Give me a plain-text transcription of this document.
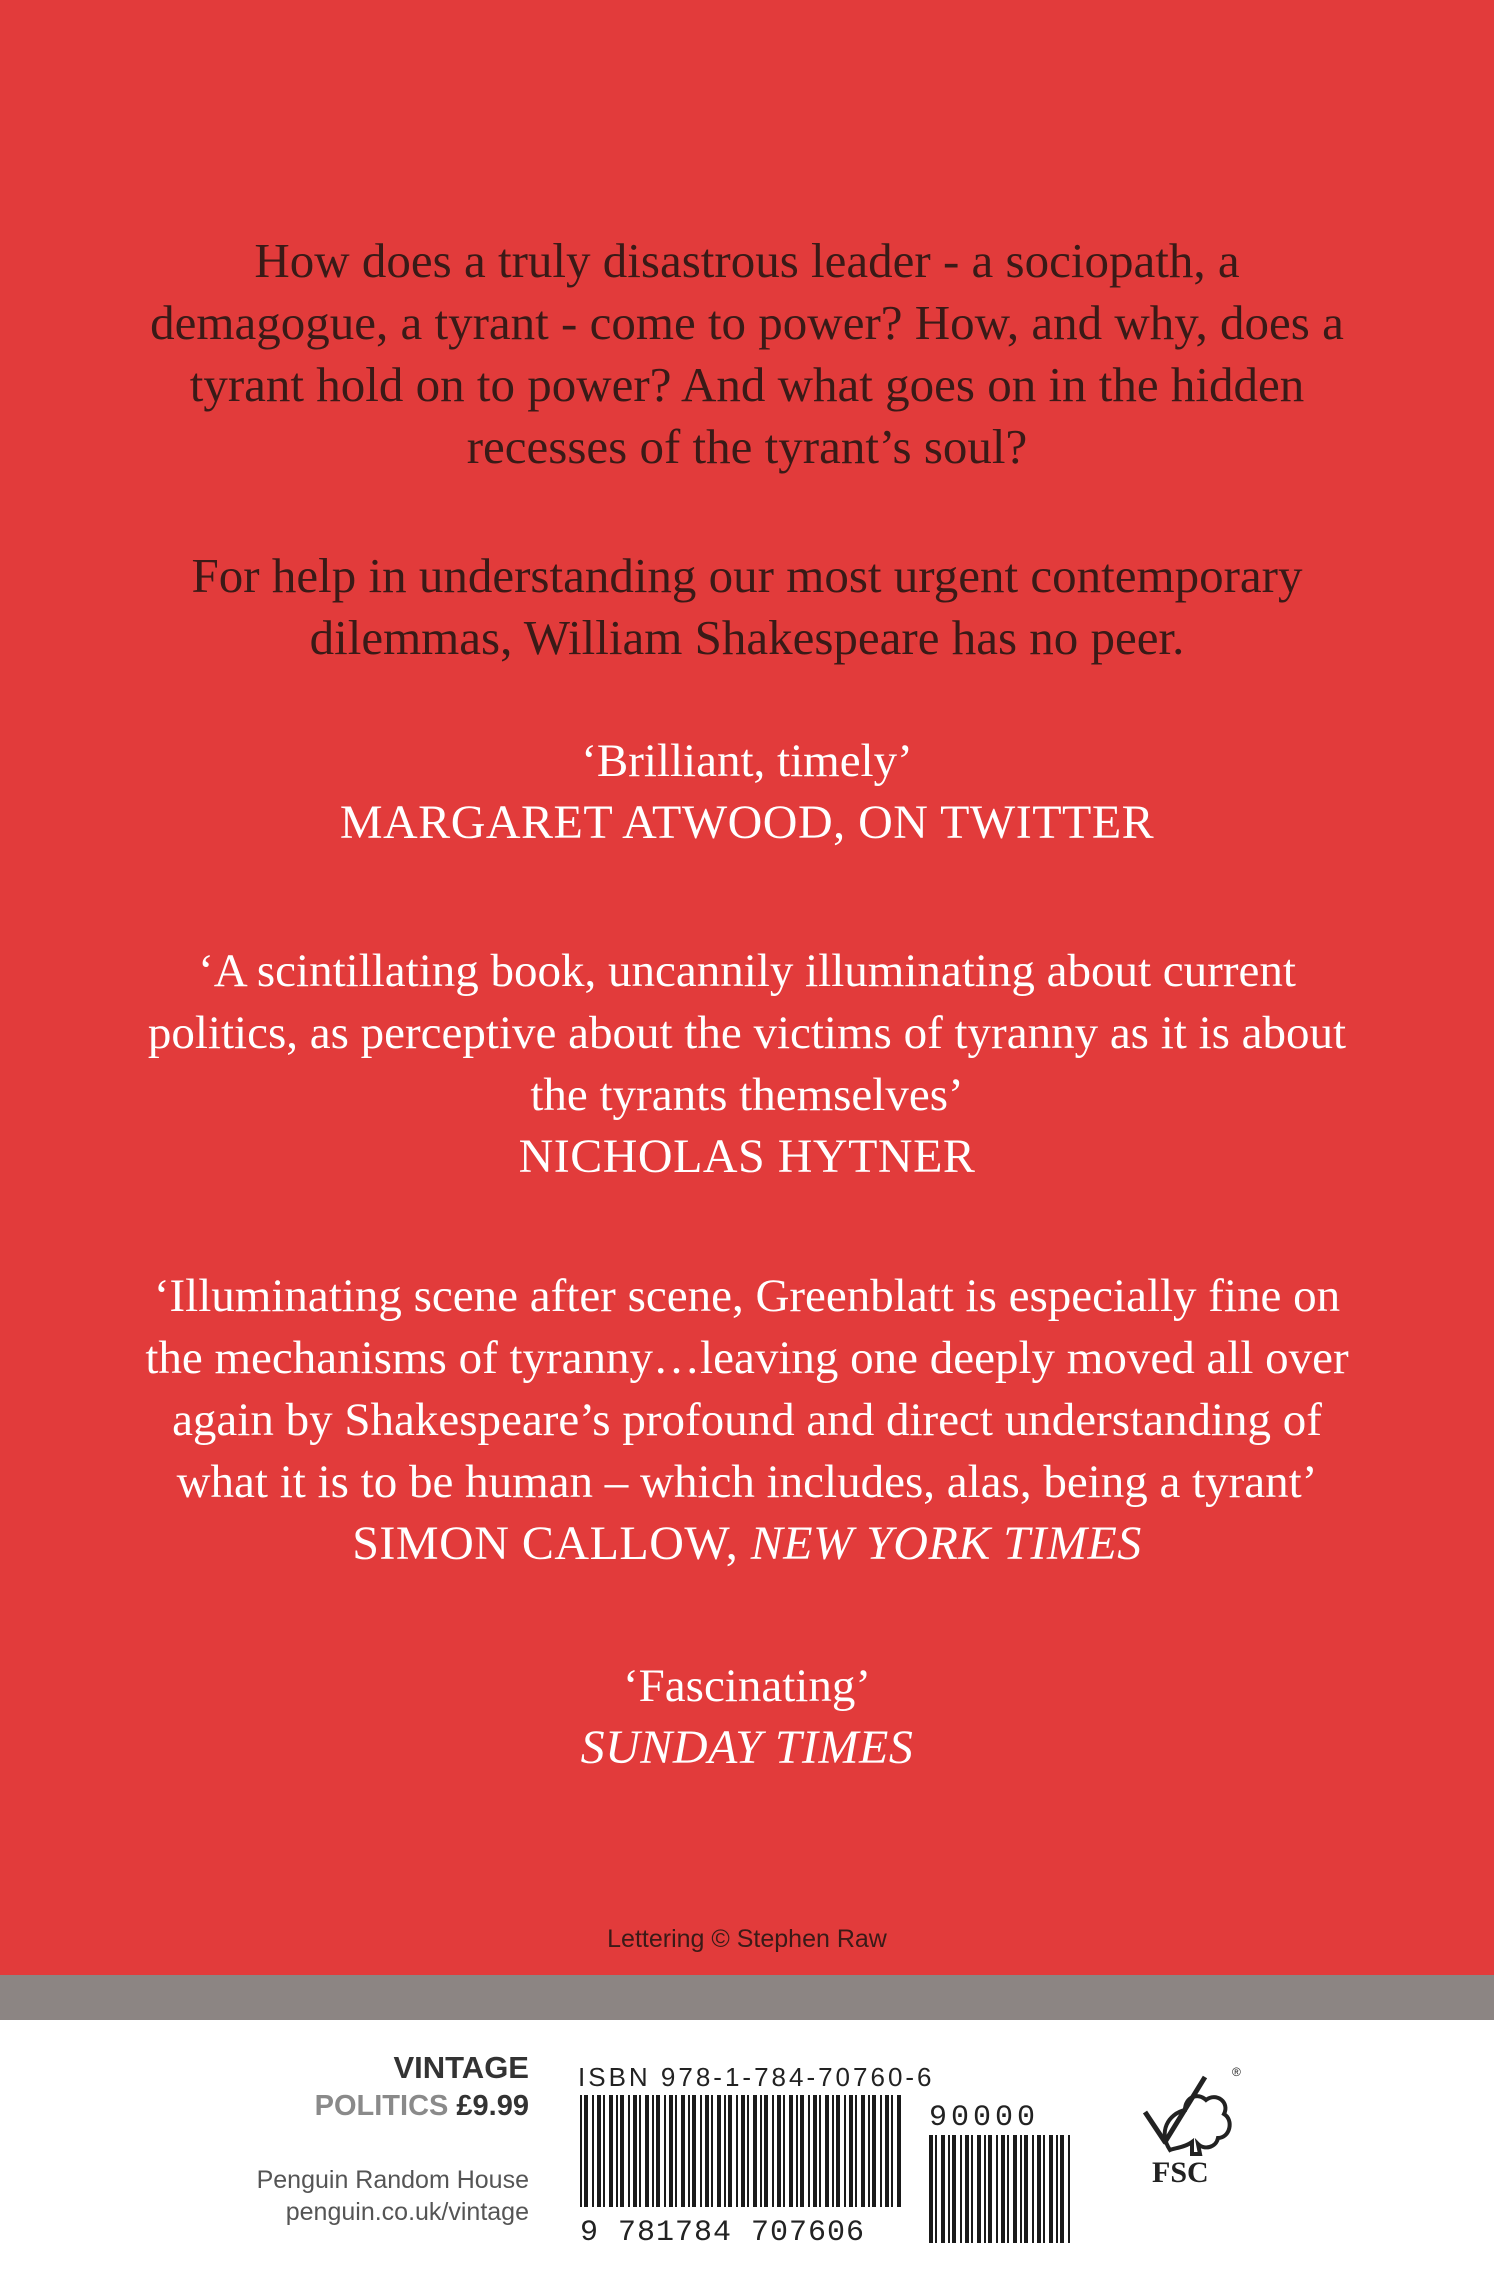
How does a truly disastrous leader - a sociopath, a demagogue, a tyrant - come to power? How, and why, does a tyrant hold on to power? And what goes on in the hidden recesses of the tyrant’s soul?

For help in understanding our most urgent contemporary dilemmas, William Shakespeare has no peer.

‘Brilliant, timely’

MARGARET ATWOOD, ON TWITTER

‘A scintillating book, uncannily illuminating about current politics, as perceptive about the victims of tyranny as it is about the tyrants themselves’

NICHOLAS HYTNER

‘Illuminating scene after scene, Greenblatt is especially fine on the mechanisms of tyranny…leaving one deeply moved all over again by Shakespeare’s profound and direct understanding of what it is to be human – which includes, alas, being a tyrant’

SIMON CALLOW, NEW YORK TIMES

‘Fascinating’

SUNDAY TIMES

Lettering © Stephen Raw
VINTAGE
POLITICS £9.99
Penguin Random House
penguin.co.uk/vintage
ISBN 978-1-784-70760-6
9 781784 707606
90000
®
FSC
